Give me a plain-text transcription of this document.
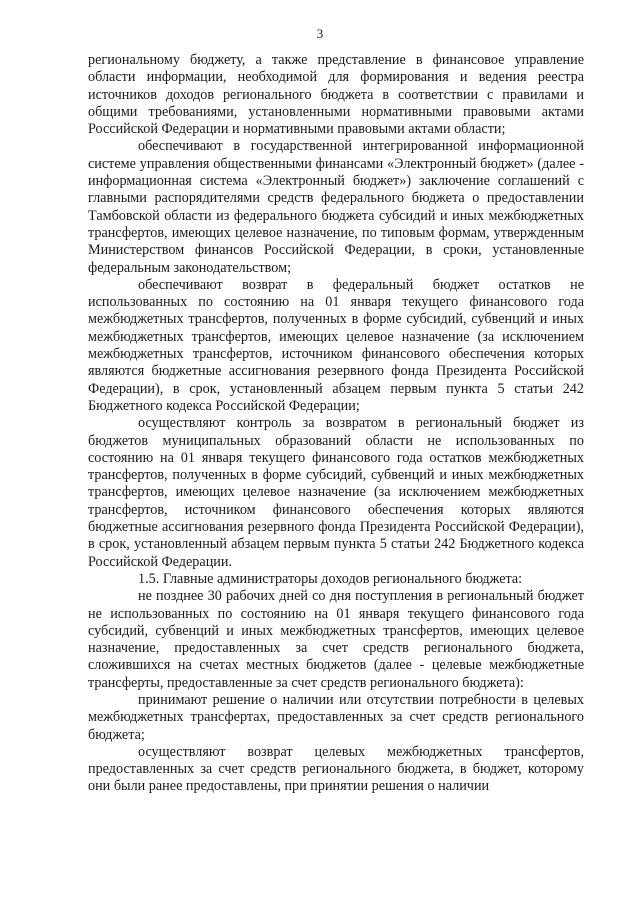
3

региональному бюджету, а также представление в финансовое управление области информации, необходимой для формирования и ведения реестра источников доходов регионального бюджета в соответствии с правилами и общими требованиями, установленными нормативными правовыми актами Российской Федерации и нормативными правовыми актами области;

обеспечивают в государственной интегрированной информационной системе управления общественными финансами «Электронный бюджет» (далее - информационная система «Электронный бюджет») заключение соглашений с главными распорядителями средств федерального бюджета о предоставлении Тамбовской области из федерального бюджета субсидий и иных межбюджетных трансфертов, имеющих целевое назначение, по типовым формам, утвержденным Министерством финансов Российской Федерации, в сроки, установленные федеральным законодательством;

обеспечивают возврат в федеральный бюджет остатков не использованных по состоянию на 01 января текущего финансового года межбюджетных трансфертов, полученных в форме субсидий, субвенций и иных межбюджетных трансфертов, имеющих целевое назначение (за исключением межбюджетных трансфертов, источником финансового обеспечения которых являются бюджетные ассигнования резервного фонда Президента Российской Федерации), в срок, установленный абзацем первым пункта 5 статьи 242 Бюджетного кодекса Российской Федерации;

осуществляют контроль за возвратом в региональный бюджет из бюджетов муниципальных образований области не использованных по состоянию на 01 января текущего финансового года остатков межбюджетных трансфертов, полученных в форме субсидий, субвенций и иных межбюджетных трансфертов, имеющих целевое назначение (за исключением межбюджетных трансфертов, источником финансового обеспечения которых являются бюджетные ассигнования резервного фонда Президента Российской Федерации), в срок, установленный абзацем первым пункта 5 статьи 242 Бюджетного кодекса Российской Федерации.

1.5. Главные администраторы доходов регионального бюджета:

не позднее 30 рабочих дней со дня поступления в региональный бюджет не использованных по состоянию на 01 января текущего финансового года субсидий, субвенций и иных межбюджетных трансфертов, имеющих целевое назначение, предоставленных за счет средств регионального бюджета, сложившихся на счетах местных бюджетов (далее - целевые межбюджетные трансферты, предоставленные за счет средств регионального бюджета):

принимают решение о наличии или отсутствии потребности в целевых межбюджетных трансфертах, предоставленных за счет средств регионального бюджета;

осуществляют возврат целевых межбюджетных трансфертов, предоставленных за счет средств регионального бюджета, в бюджет, которому они были ранее предоставлены, при принятии решения о наличии
